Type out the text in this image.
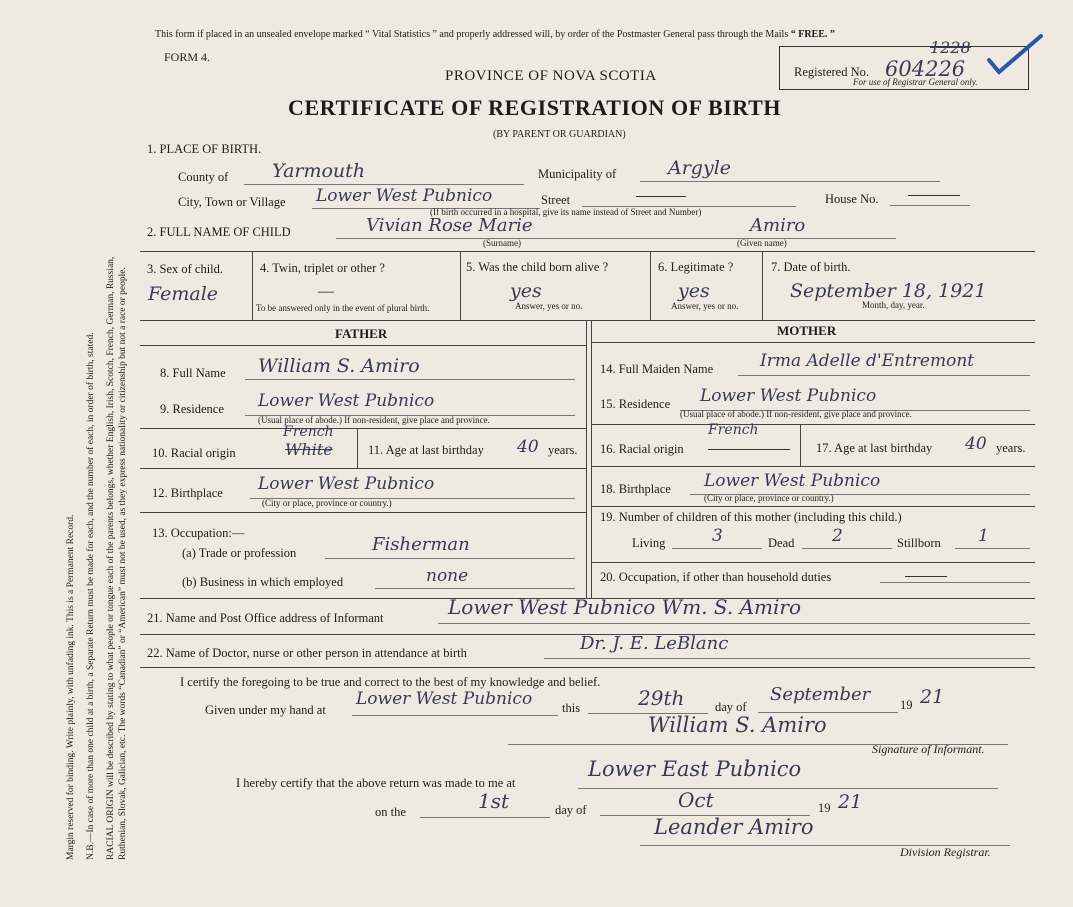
Margin reserved for binding. Write plainly, with unfading ink. This is a Permanent Record. N.B.—In case of more than one child at a birth, a Separate Return must be made for each, and the number of each, in order of birth, stated. RACIAL ORIGIN will be described by stating to what people or tongue each of the parents belongs, whether English, Irish, Scotch, French, German, Russian, Ruthenian, Slovak, Galician, etc. The words “Canadian” or “American” must not be used, as they express nationality or citizenship but not a race or people.
This form if placed in an unsealed envelope marked “ Vital Statistics ” and properly addressed will, by order of the Postmaster General pass through the Mails “ FREE. ”
FORM 4.
PROVINCE OF NOVA SCOTIA
CERTIFICATE OF REGISTRATION OF BIRTH
(BY PARENT OR GUARDIAN)
Registered No.
1228
604226
For use of Registrar General only.
1. PLACE OF BIRTH.
County of Yarmouth	Municipality of	Argyle
City, Town or Village Lower West Pubnico	Street	House No.
(If birth occurred in a hospital, give its name instead of Street and Number)
2. FULL NAME OF CHILD	Vivian Rose Marie	Amiro
(Surname)	(Given name)
3. Sex of child.
Female
4. Twin, triplet or other ?
—
To be answered only in the event of plural birth.
5. Was the child born alive ?
yes
Answer, yes or no.
6. Legitimate ?
yes
Answer, yes or no.
7. Date of birth.
September 18, 1921
Month, day, year.
FATHER	MOTHER
8. Full Name William S. Amiro
9. Residence Lower West Pubnico
(Usual place of abode.) If non-resident, give place and province.
10. Racial origin
French
White	11. Age at last birthday 40 years.
12. Birthplace Lower West Pubnico
(City or place, province or country.)
13. Occupation:—
(a) Trade or profession	Fisherman
(b) Business in which employed	none
14. Full Maiden Name	Irma Adelle d'Entremont
15. Residence Lower West Pubnico
(Usual place of abode.) If non-resident, give place and province.
16. Racial origin
French
17. Age at last birthday 40 years.
18. Birthplace Lower West Pubnico
(City or place, province or country.)
19. Number of children of this mother (including this child.)
Living	3	Dead 2	Stillborn 1
20. Occupation, if other than household duties
21. Name and Post Office address of Informant	Lower West Pubnico Wm. S. Amiro
22. Name of Doctor, nurse or other person in attendance at birth	Dr. J. E. LeBlanc
I certify the foregoing to be true and correct to the best of my knowledge and belief.
Given under my hand at
Lower West Pubnico this	29th day of
September 19 21
William S. Amiro
Signature of Informant.
I hereby certify that the above return was made to me at
Lower East Pubnico
on the	1st	day of	Oct	19 21
Leander Amiro
Division Registrar.
